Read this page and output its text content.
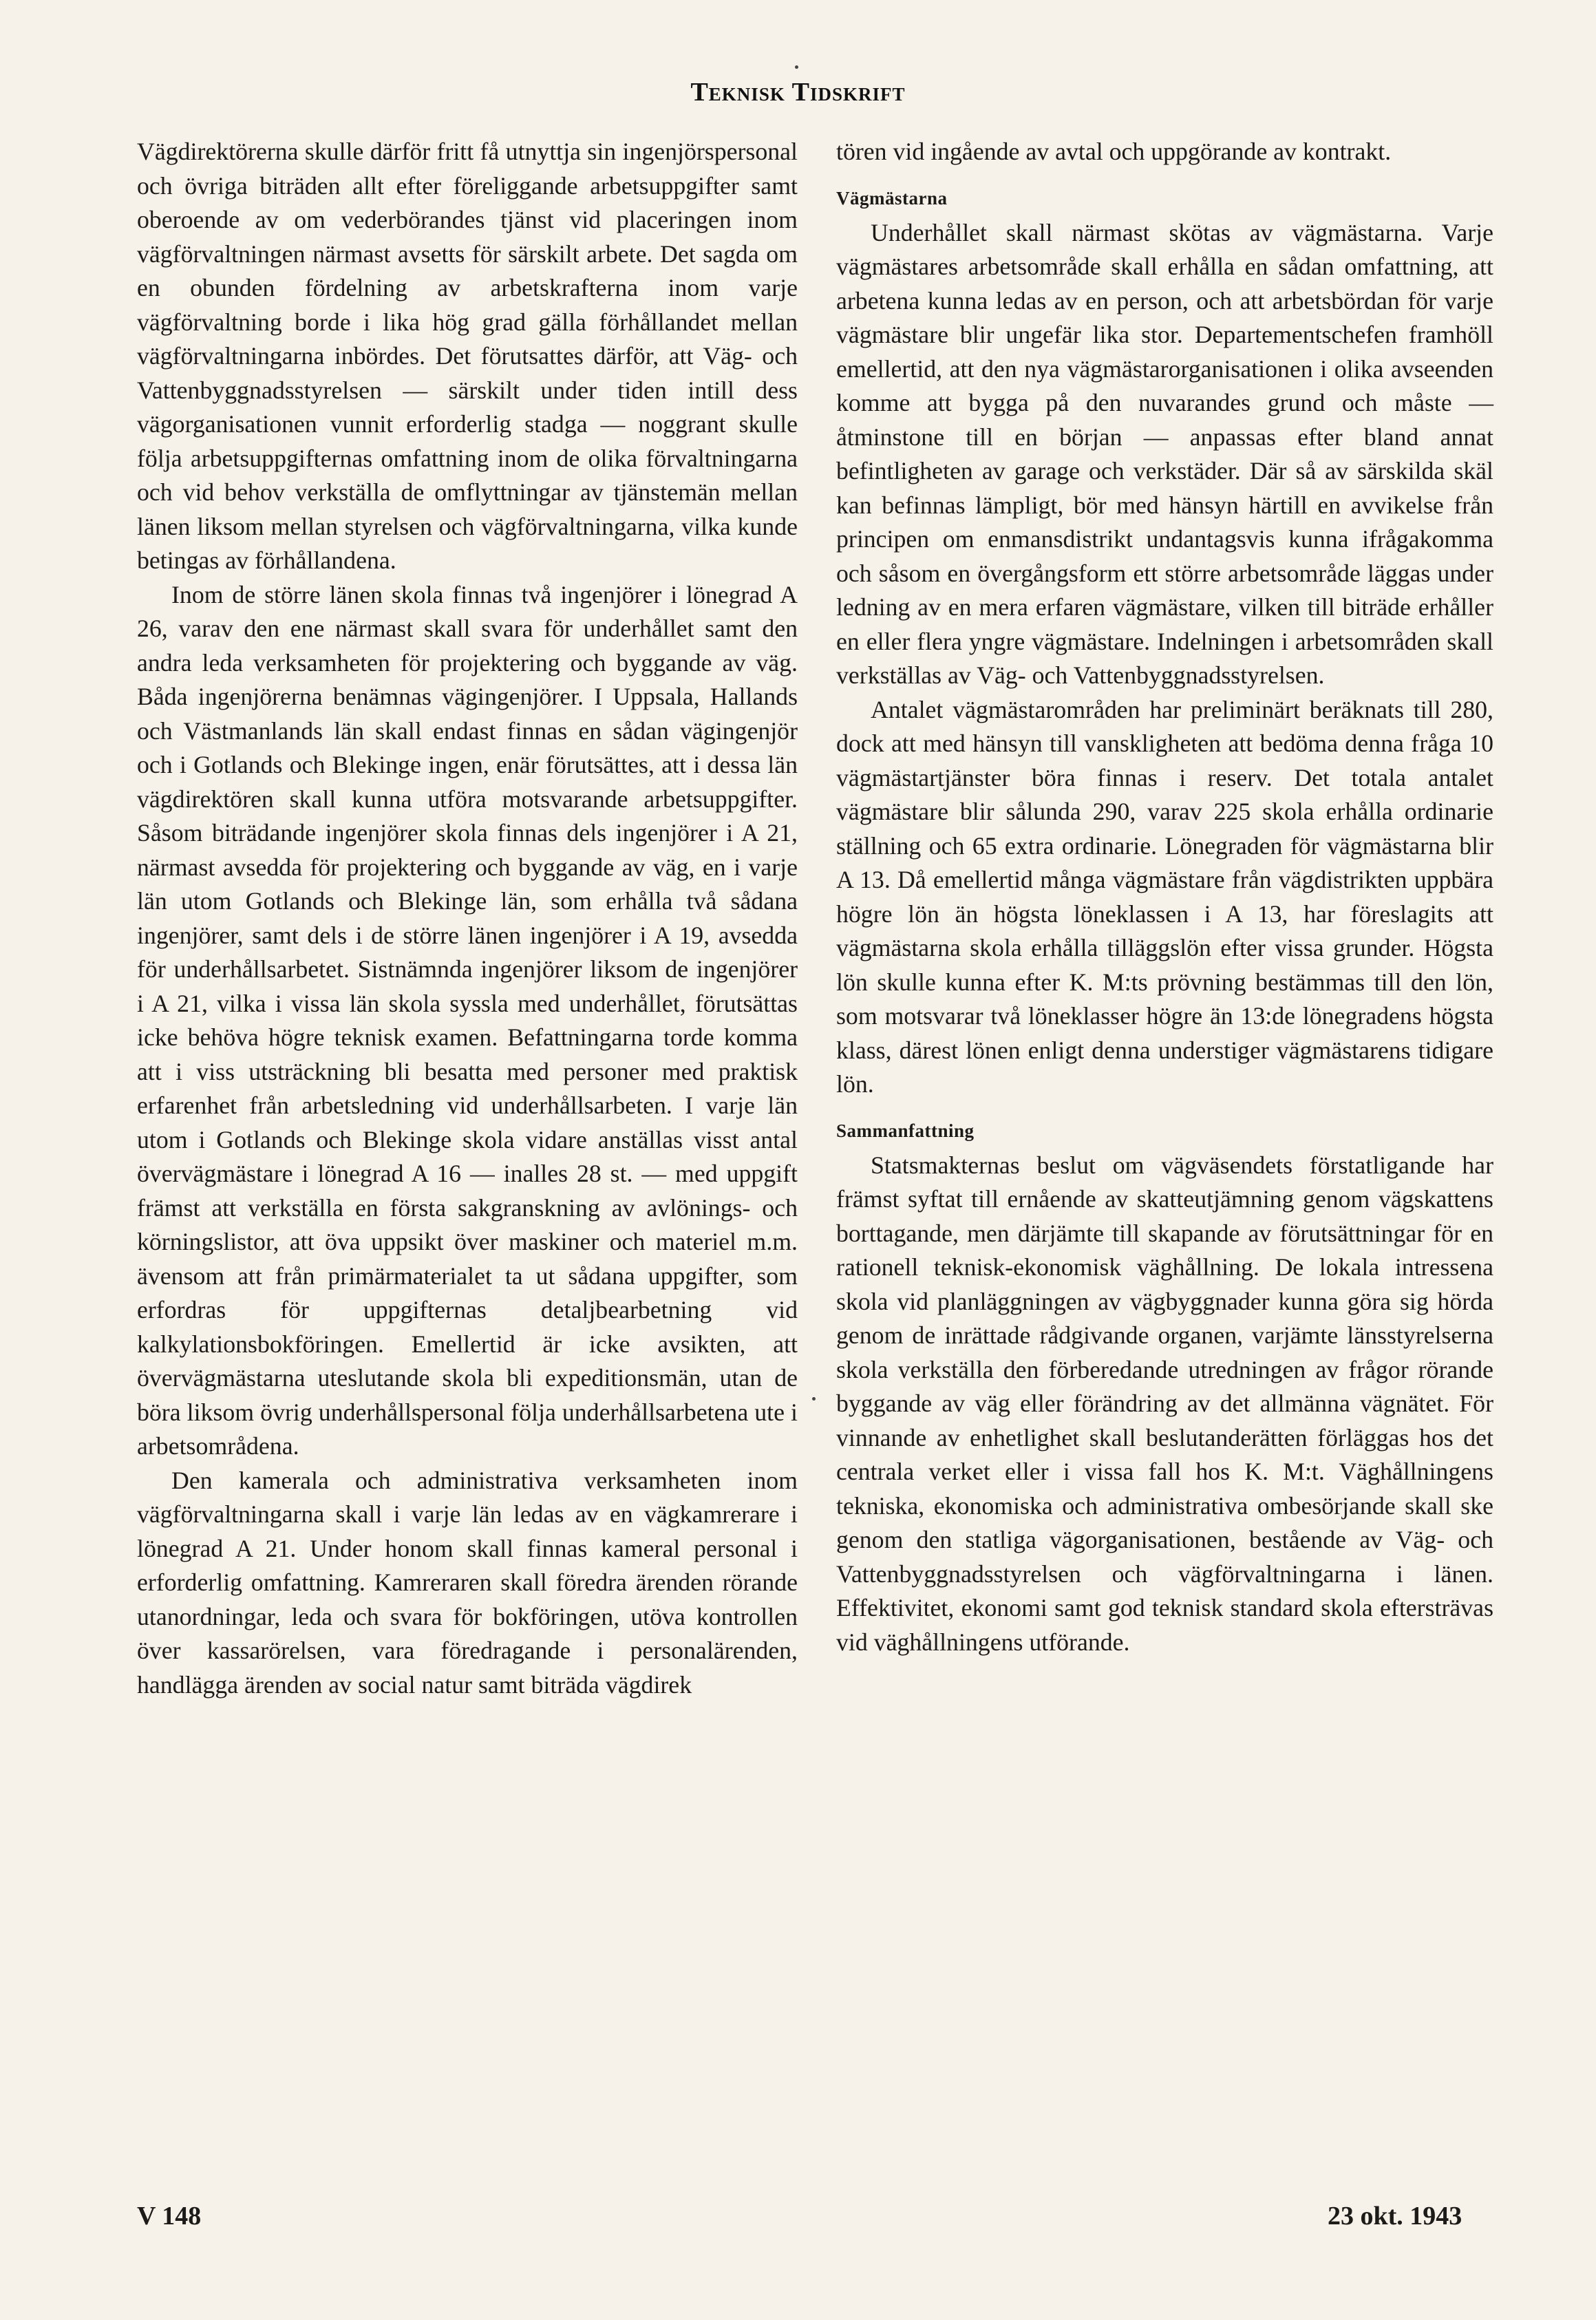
Teknisk Tidskrift

Vägdirektörerna skulle därför fritt få utnyttja sin ingenjörspersonal och övriga biträden allt efter föreliggande arbetsuppgifter samt oberoende av om vederbörandes tjänst vid placeringen inom vägförvaltningen närmast avsetts för särskilt arbete. Det sagda om en obunden fördelning av arbetskrafterna inom varje vägförvaltning borde i lika hög grad gälla förhållandet mellan vägförvaltningarna inbördes. Det förutsattes därför, att Väg- och Vattenbyggnadsstyrelsen — särskilt under tiden intill dess vägorganisationen vunnit erforderlig stadga — noggrant skulle följa arbetsuppgifternas omfattning inom de olika förvaltningarna och vid behov verkställa de omflyttningar av tjänstemän mellan länen liksom mellan styrelsen och vägförvaltningarna, vilka kunde betingas av förhållandena.

Inom de större länen skola finnas två ingenjörer i lönegrad A 26, varav den ene närmast skall svara för underhållet samt den andra leda verksamheten för projektering och byggande av väg. Båda ingenjörerna benämnas vägingenjörer. I Uppsala, Hallands och Västmanlands län skall endast finnas en sådan vägingenjör och i Gotlands och Blekinge ingen, enär förutsättes, att i dessa län vägdirektören skall kunna utföra motsvarande arbetsuppgifter. Såsom biträdande ingenjörer skola finnas dels ingenjörer i A 21, närmast avsedda för projektering och byggande av väg, en i varje län utom Gotlands och Blekinge län, som erhålla två sådana ingenjörer, samt dels i de större länen ingenjörer i A 19, avsedda för underhållsarbetet. Sistnämnda ingenjörer liksom de ingenjörer i A 21, vilka i vissa län skola syssla med underhållet, förutsättas icke behöva högre teknisk examen. Befattningarna torde komma att i viss utsträckning bli besatta med personer med praktisk erfarenhet från arbetsledning vid underhållsarbeten. I varje län utom i Gotlands och Blekinge skola vidare anställas visst antal övervägmästare i lönegrad A 16 — inalles 28 st. — med uppgift främst att verkställa en första sakgranskning av avlönings- och körningslistor, att öva uppsikt över maskiner och materiel m.m. ävensom att från primärmaterialet ta ut sådana uppgifter, som erfordras för uppgifternas detaljbearbetning vid kalkylationsbokföringen. Emellertid är icke avsikten, att övervägmästarna uteslutande skola bli expeditionsmän, utan de böra liksom övrig underhållspersonal följa underhållsarbetena ute i arbetsområdena.

Den kamerala och administrativa verksamheten inom vägförvaltningarna skall i varje län ledas av en vägkamrerare i lönegrad A 21. Under honom skall finnas kameral personal i erforderlig omfattning. Kamreraren skall föredra ärenden rörande utanordningar, leda och svara för bokföringen, utöva kontrollen över kassarörelsen, vara föredragande i personalärenden, handlägga ärenden av social natur samt biträda vägdirek

tören vid ingående av avtal och uppgörande av kontrakt.

Vägmästarna

Underhållet skall närmast skötas av vägmästarna. Varje vägmästares arbetsområde skall erhålla en sådan omfattning, att arbetena kunna ledas av en person, och att arbetsbördan för varje vägmästare blir ungefär lika stor. Departementschefen framhöll emellertid, att den nya vägmästarorganisationen i olika avseenden komme att bygga på den nuvarandes grund och måste — åtminstone till en början — anpassas efter bland annat befintligheten av garage och verkstäder. Där så av särskilda skäl kan befinnas lämpligt, bör med hänsyn härtill en avvikelse från principen om enmansdistrikt undantagsvis kunna ifrågakomma och såsom en övergångsform ett större arbetsområde läggas under ledning av en mera erfaren vägmästare, vilken till biträde erhåller en eller flera yngre vägmästare. Indelningen i arbetsområden skall verkställas av Väg- och Vattenbyggnadsstyrelsen.

Antalet vägmästarområden har preliminärt beräknats till 280, dock att med hänsyn till vanskligheten att bedöma denna fråga 10 vägmästartjänster böra finnas i reserv. Det totala antalet vägmästare blir sålunda 290, varav 225 skola erhålla ordinarie ställning och 65 extra ordinarie. Lönegraden för vägmästarna blir A 13. Då emellertid många vägmästare från vägdistrikten uppbära högre lön än högsta löneklassen i A 13, har föreslagits att vägmästarna skola erhålla tilläggslön efter vissa grunder. Högsta lön skulle kunna efter K. M:ts prövning bestämmas till den lön, som motsvarar två löneklasser högre än 13:de lönegradens högsta klass, därest lönen enligt denna understiger vägmästarens tidigare lön.

Sammanfattning

Statsmakternas beslut om vägväsendets förstatligande har främst syftat till ernående av skatteutjämning genom vägskattens borttagande, men därjämte till skapande av förutsättningar för en rationell teknisk-ekonomisk väghållning. De lokala intressena skola vid planläggningen av vägbyggnader kunna göra sig hörda genom de inrättade rådgivande organen, varjämte länsstyrelserna skola verkställa den förberedande utredningen av frågor rörande byggande av väg eller förändring av det allmänna vägnätet. För vinnande av enhetlighet skall beslutanderätten förläggas hos det centrala verket eller i vissa fall hos K. M:t. Väghållningens tekniska, ekonomiska och administrativa ombesörjande skall ske genom den statliga vägorganisationen, bestående av Väg- och Vattenbyggnadsstyrelsen och vägförvaltningarna i länen. Effektivitet, ekonomi samt god teknisk standard skola eftersträvas vid väghållningens utförande.

V 148	23 okt. 1943
